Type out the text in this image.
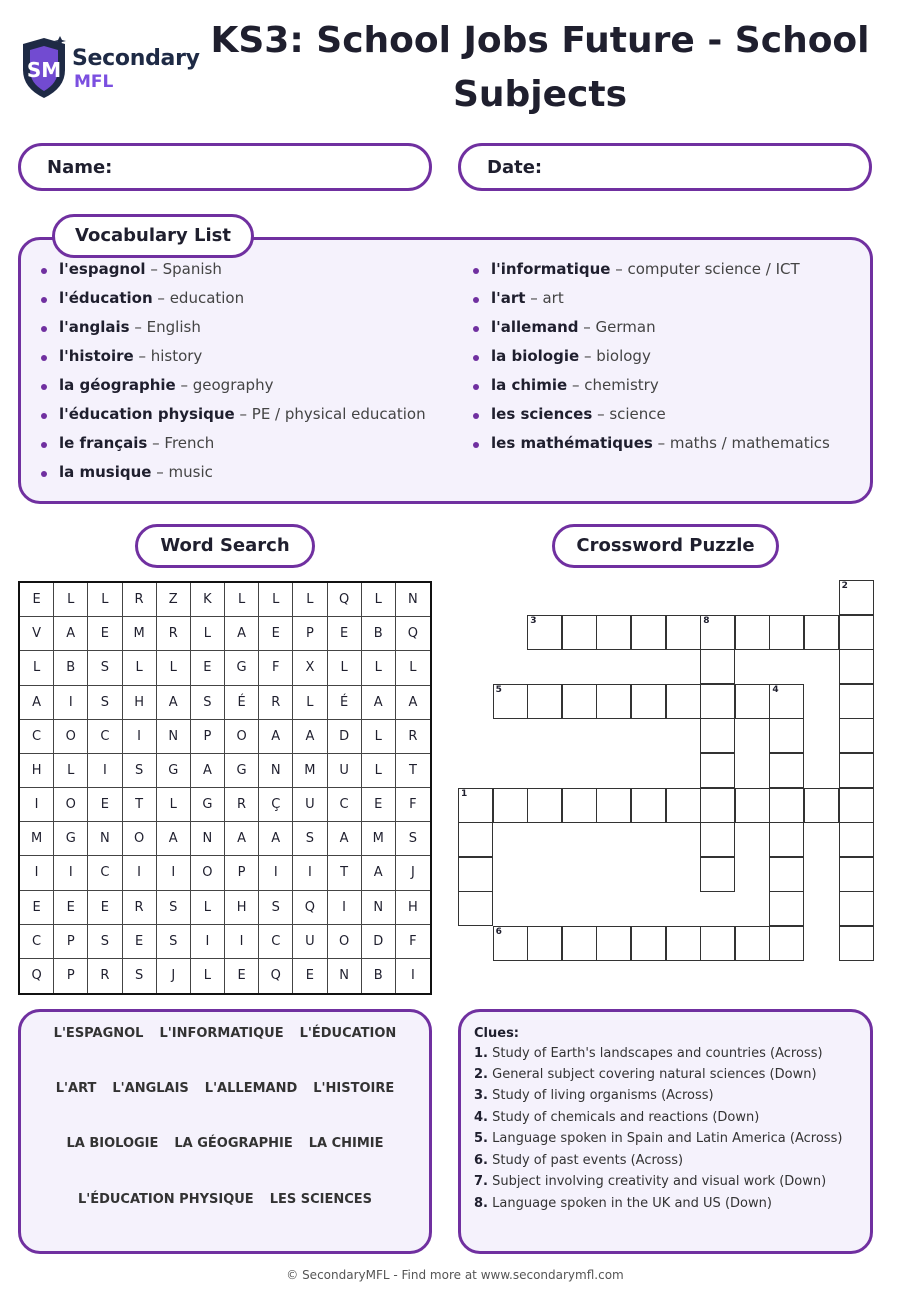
SM Secondary
MFL
KS3: School Jobs Future - School Subjects
Name:	Date:
Vocabulary List
l'espagnol – Spanish
l'éducation – education
l'anglais – English
l'histoire – history
la géographie – geography
l'éducation physique – PE / physical education
le français – French
la musique – music
l'informatique – computer science / ICT
l'art – art
l'allemand – German
la biologie – biology
la chimie – chemistry
les sciences – science
les mathématiques – maths / mathematics
Word Search
E	L	L	R	Z	K	L	L	L	Q	L	N
V	A	E	M	R	L	A	E	P	E	B	Q
L	B	S	L	L	E	G	F	X	L	L	L
A	I	S	H	A	S	É	R	L	É	A	A
C	O	C	I	N	P	O	A	A	D	L	R
H	L	I	S	G	A	G	N	M	U	L	T
I	O	E	T	L	G	R	Ç	U	C	E	F
M	G	N	O	A	N	A	A	S	A	M	S
I	I	C	I	I	O	P	I	I	T	A	J
E	E	E	R	S	L	H	S	Q	I	N	H
C	P	S	E	S	I	I	C	U	O	D	F
Q	P	R	S	J	L	E	Q	E	N	B	I
L'ESPAGNOL L'INFORMATIQUE L'ÉDUCATION
L'ART L'ANGLAIS L'ALLEMAND L'HISTOIRE
LA BIOLOGIE LA GÉOGRAPHIE LA CHIMIE
L'ÉDUCATION PHYSIQUE LES SCIENCES
Crossword Puzzle
2
3	8
5	4
1
6
Clues:
1. Study of Earth's landscapes and countries (Across)
2. General subject covering natural sciences (Down)
3. Study of living organisms (Across)
4. Study of chemicals and reactions (Down)
5. Language spoken in Spain and Latin America (Across)
6. Study of past events (Across)
7. Subject involving creativity and visual work (Down)
8. Language spoken in the UK and US (Down)
© SecondaryMFL - Find more at www.secondarymfl.com
